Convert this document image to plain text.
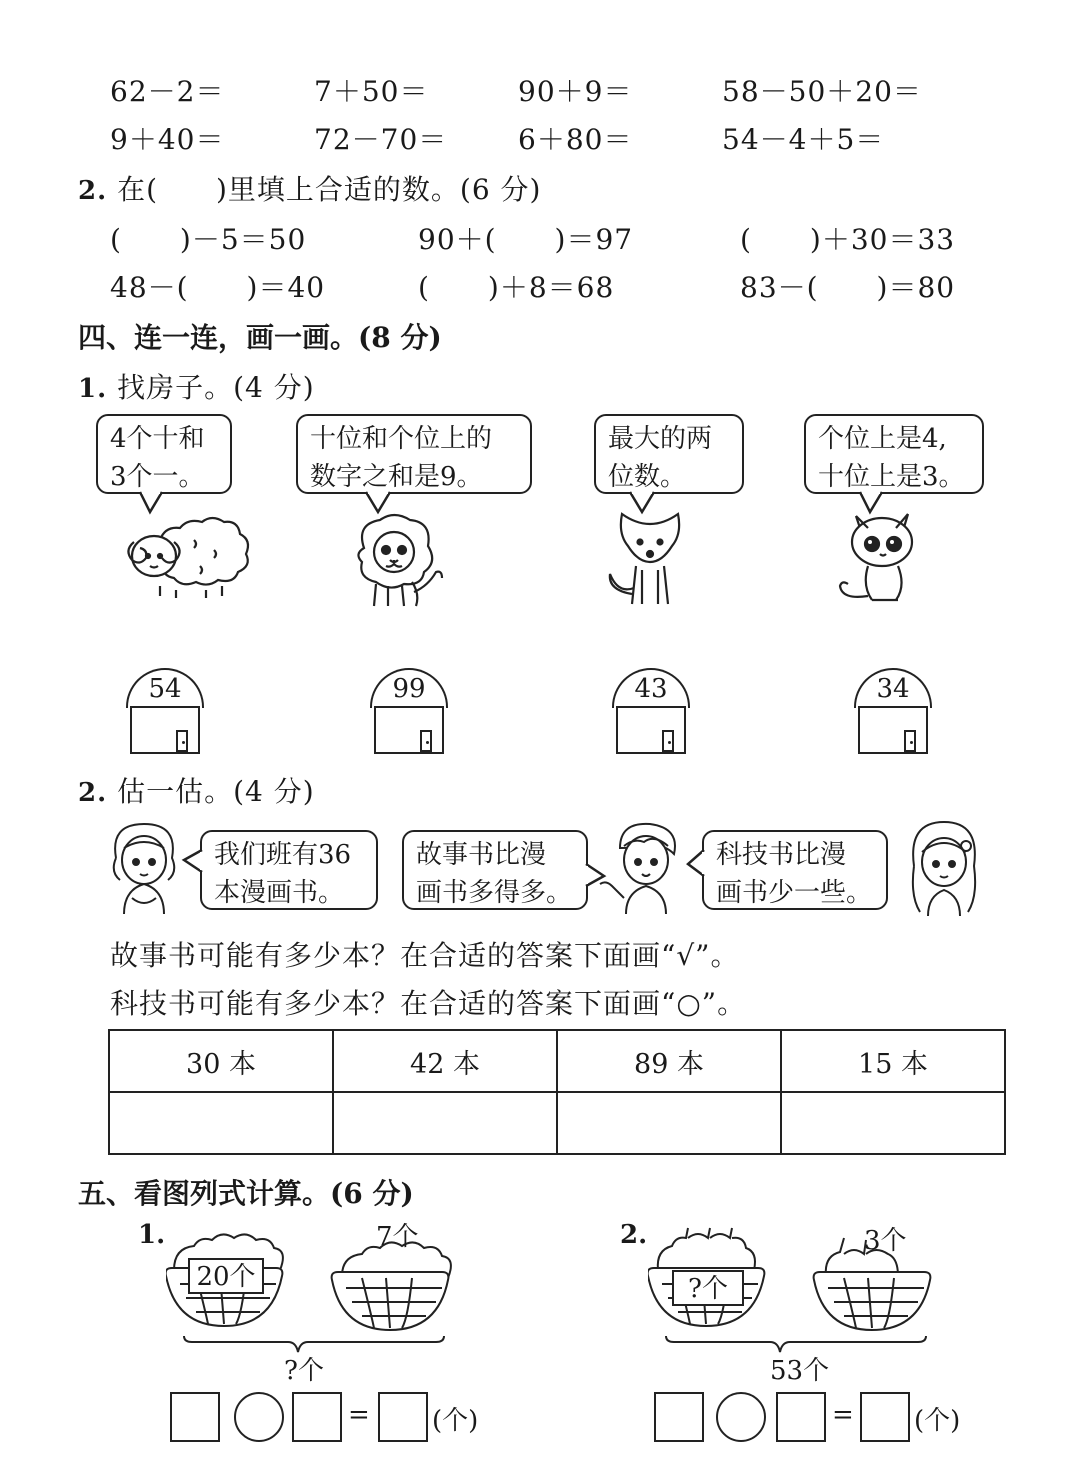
62－2＝	7＋50＝	90＋9＝	58－50＋20＝
9＋40＝	72－70＝	6＋80＝	54－4＋5＝
2. 在(　　)里填上合适的数。(6 分)
(　　)－5＝50	90＋(　　)＝97	(　　)＋30＝33
48－(　　)＝40	(　　)＋8＝68	83－(　　)＝80
四、连一连，画一画。(8 分)
1. 找房子。(4 分)
4个十和
3个一。
十位和个位上的
数字之和是9。
最大的两
位数。
个位上是4,
十位上是3。
54	99	43	34
2. 估一估。(4 分)
我们班有36
本漫画书。
故事书比漫
画书多得多。
科技书比漫
画书少一些。
故事书可能有多少本？在合适的答案下面画“√”。
科技书可能有多少本？在合适的答案下面画“○”。
30 本	42 本	89 本	15 本

五、看图列式计算。(6 分)
1.
20个
7个
?个
= (个)
2.
?个
3个
53个
= (个)
